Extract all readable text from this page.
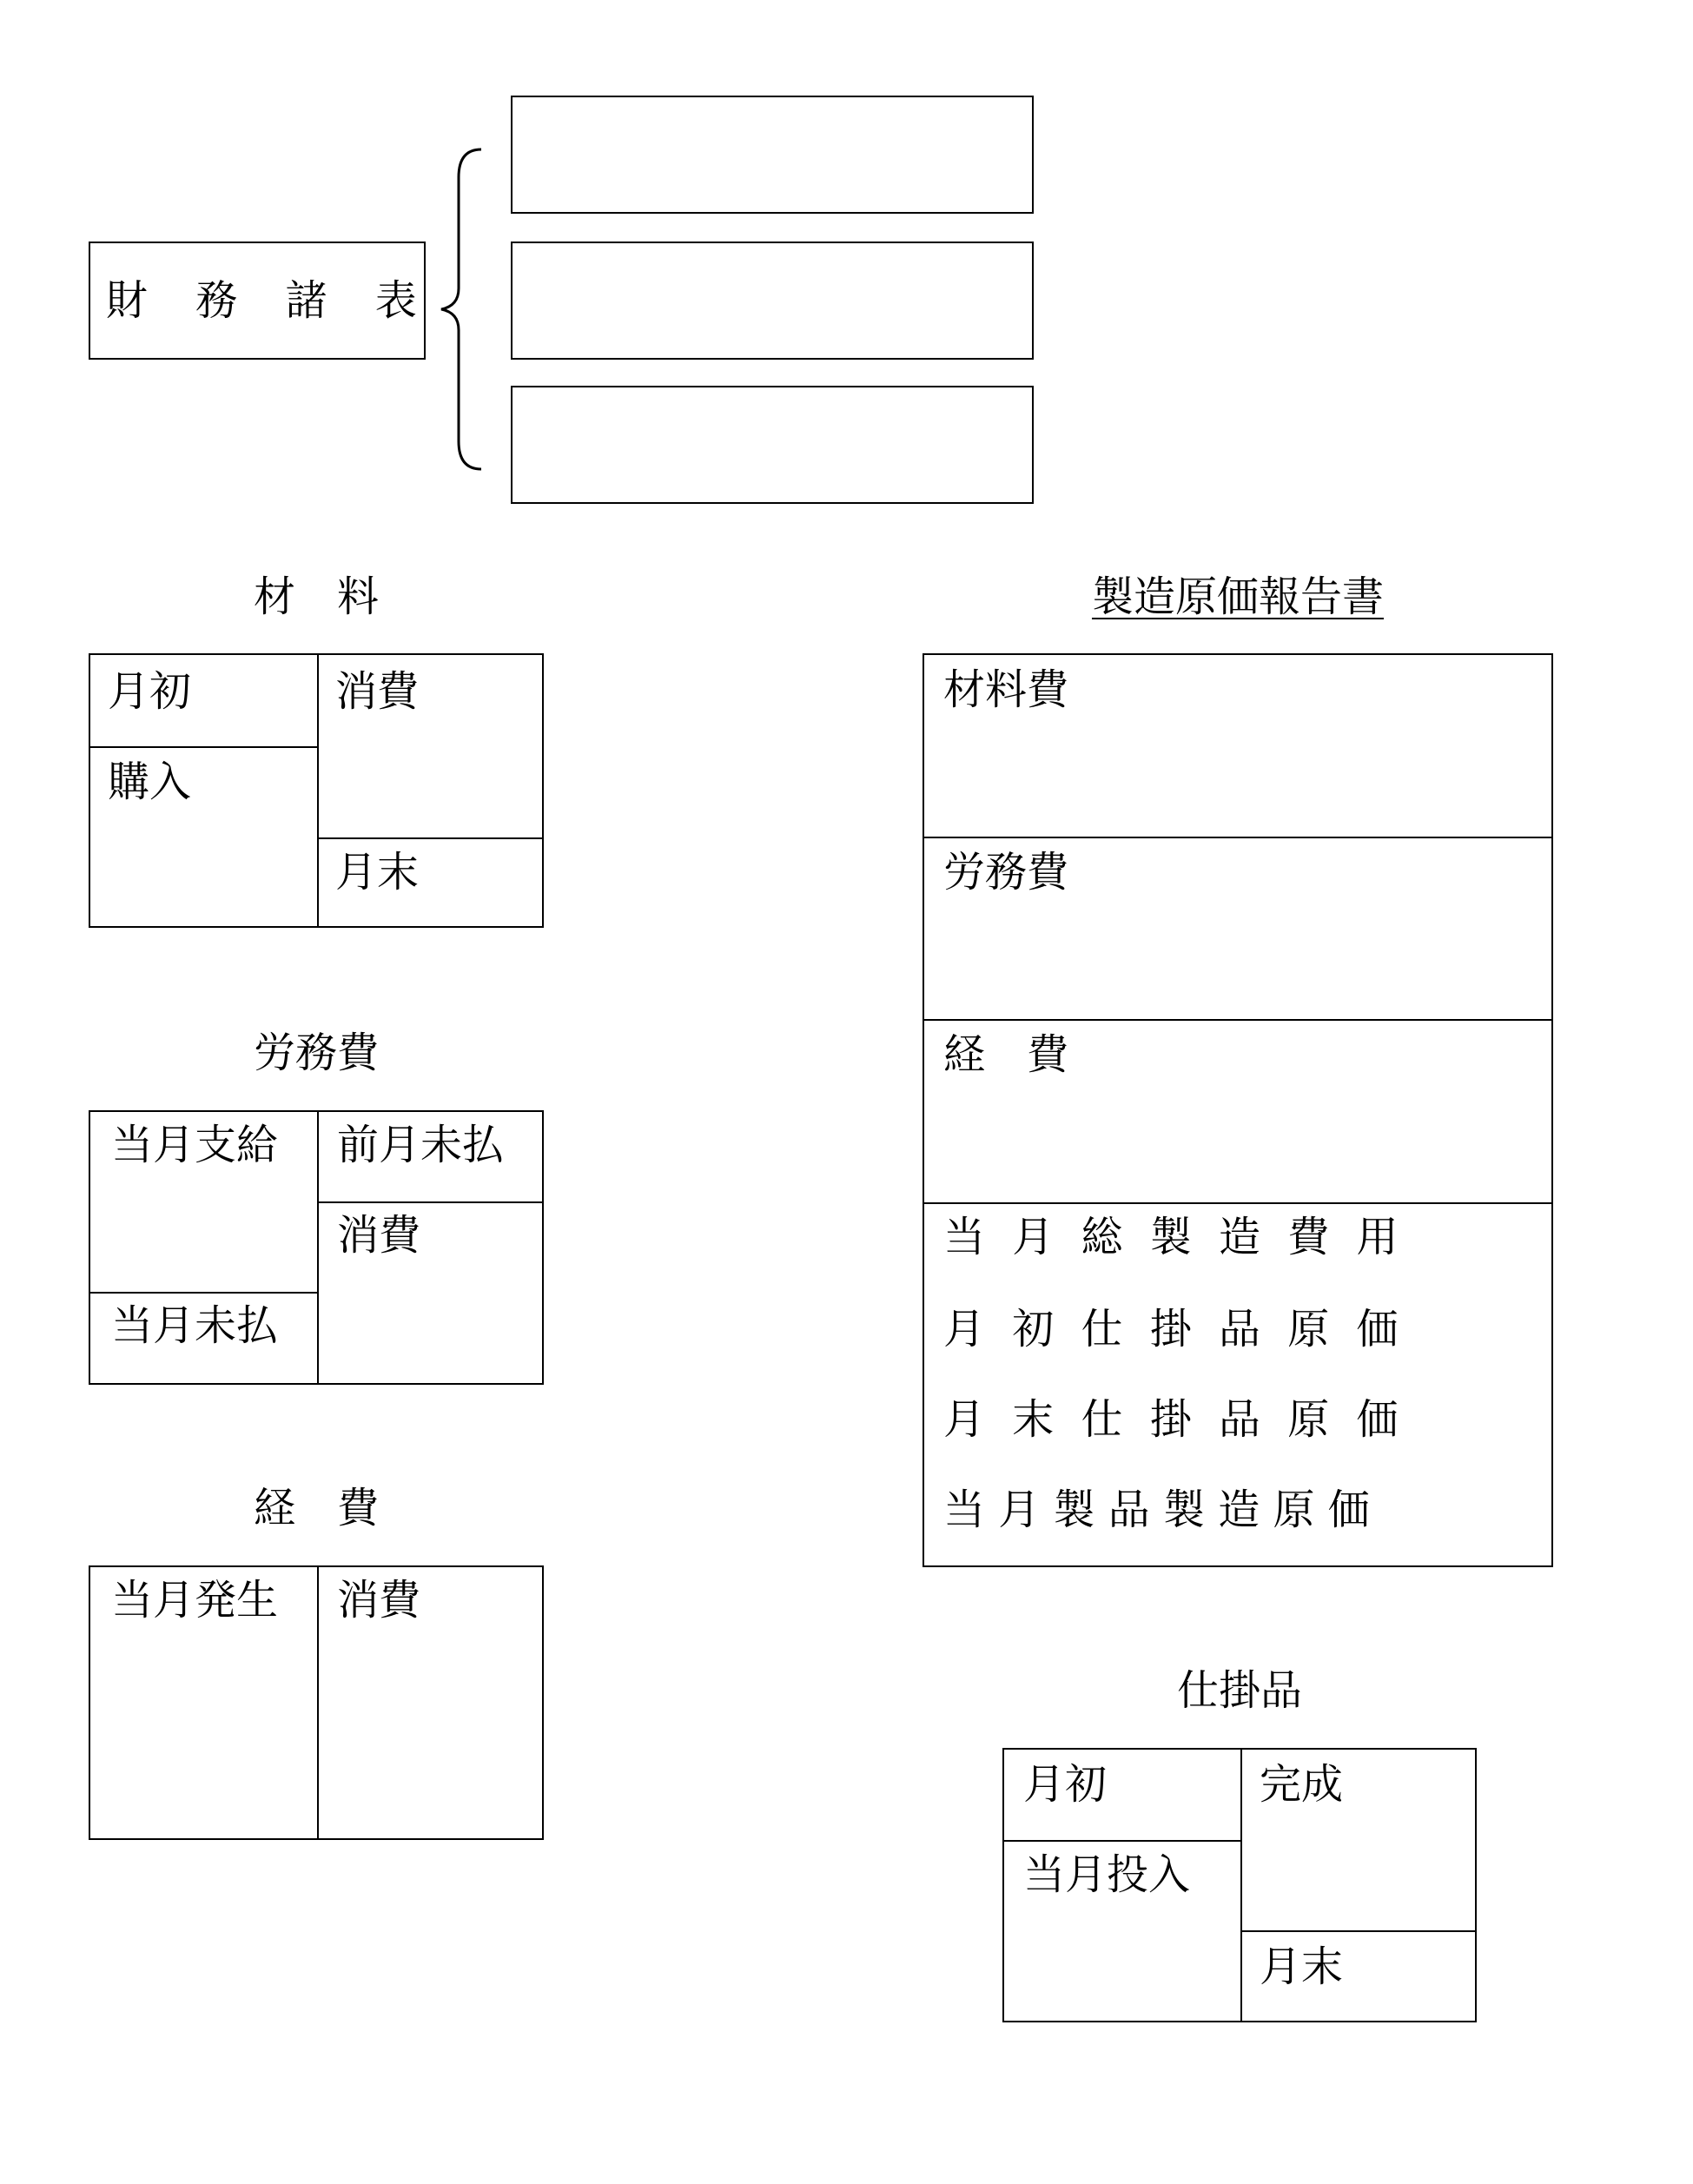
財 務 諸 表
材　料
月初
購入
消費
月末
労務費
当月支給
当月未払
前月未払
消費
経　費
当月発生 消費
製造原価報告書
材料費
労務費
経　費
当 月 総 製 造 費 用
月 初 仕 掛 品 原 価
月 末 仕 掛 品 原 価
当 月 製 品 製 造 原 価
仕掛品
月初
当月投入
完成
月末
